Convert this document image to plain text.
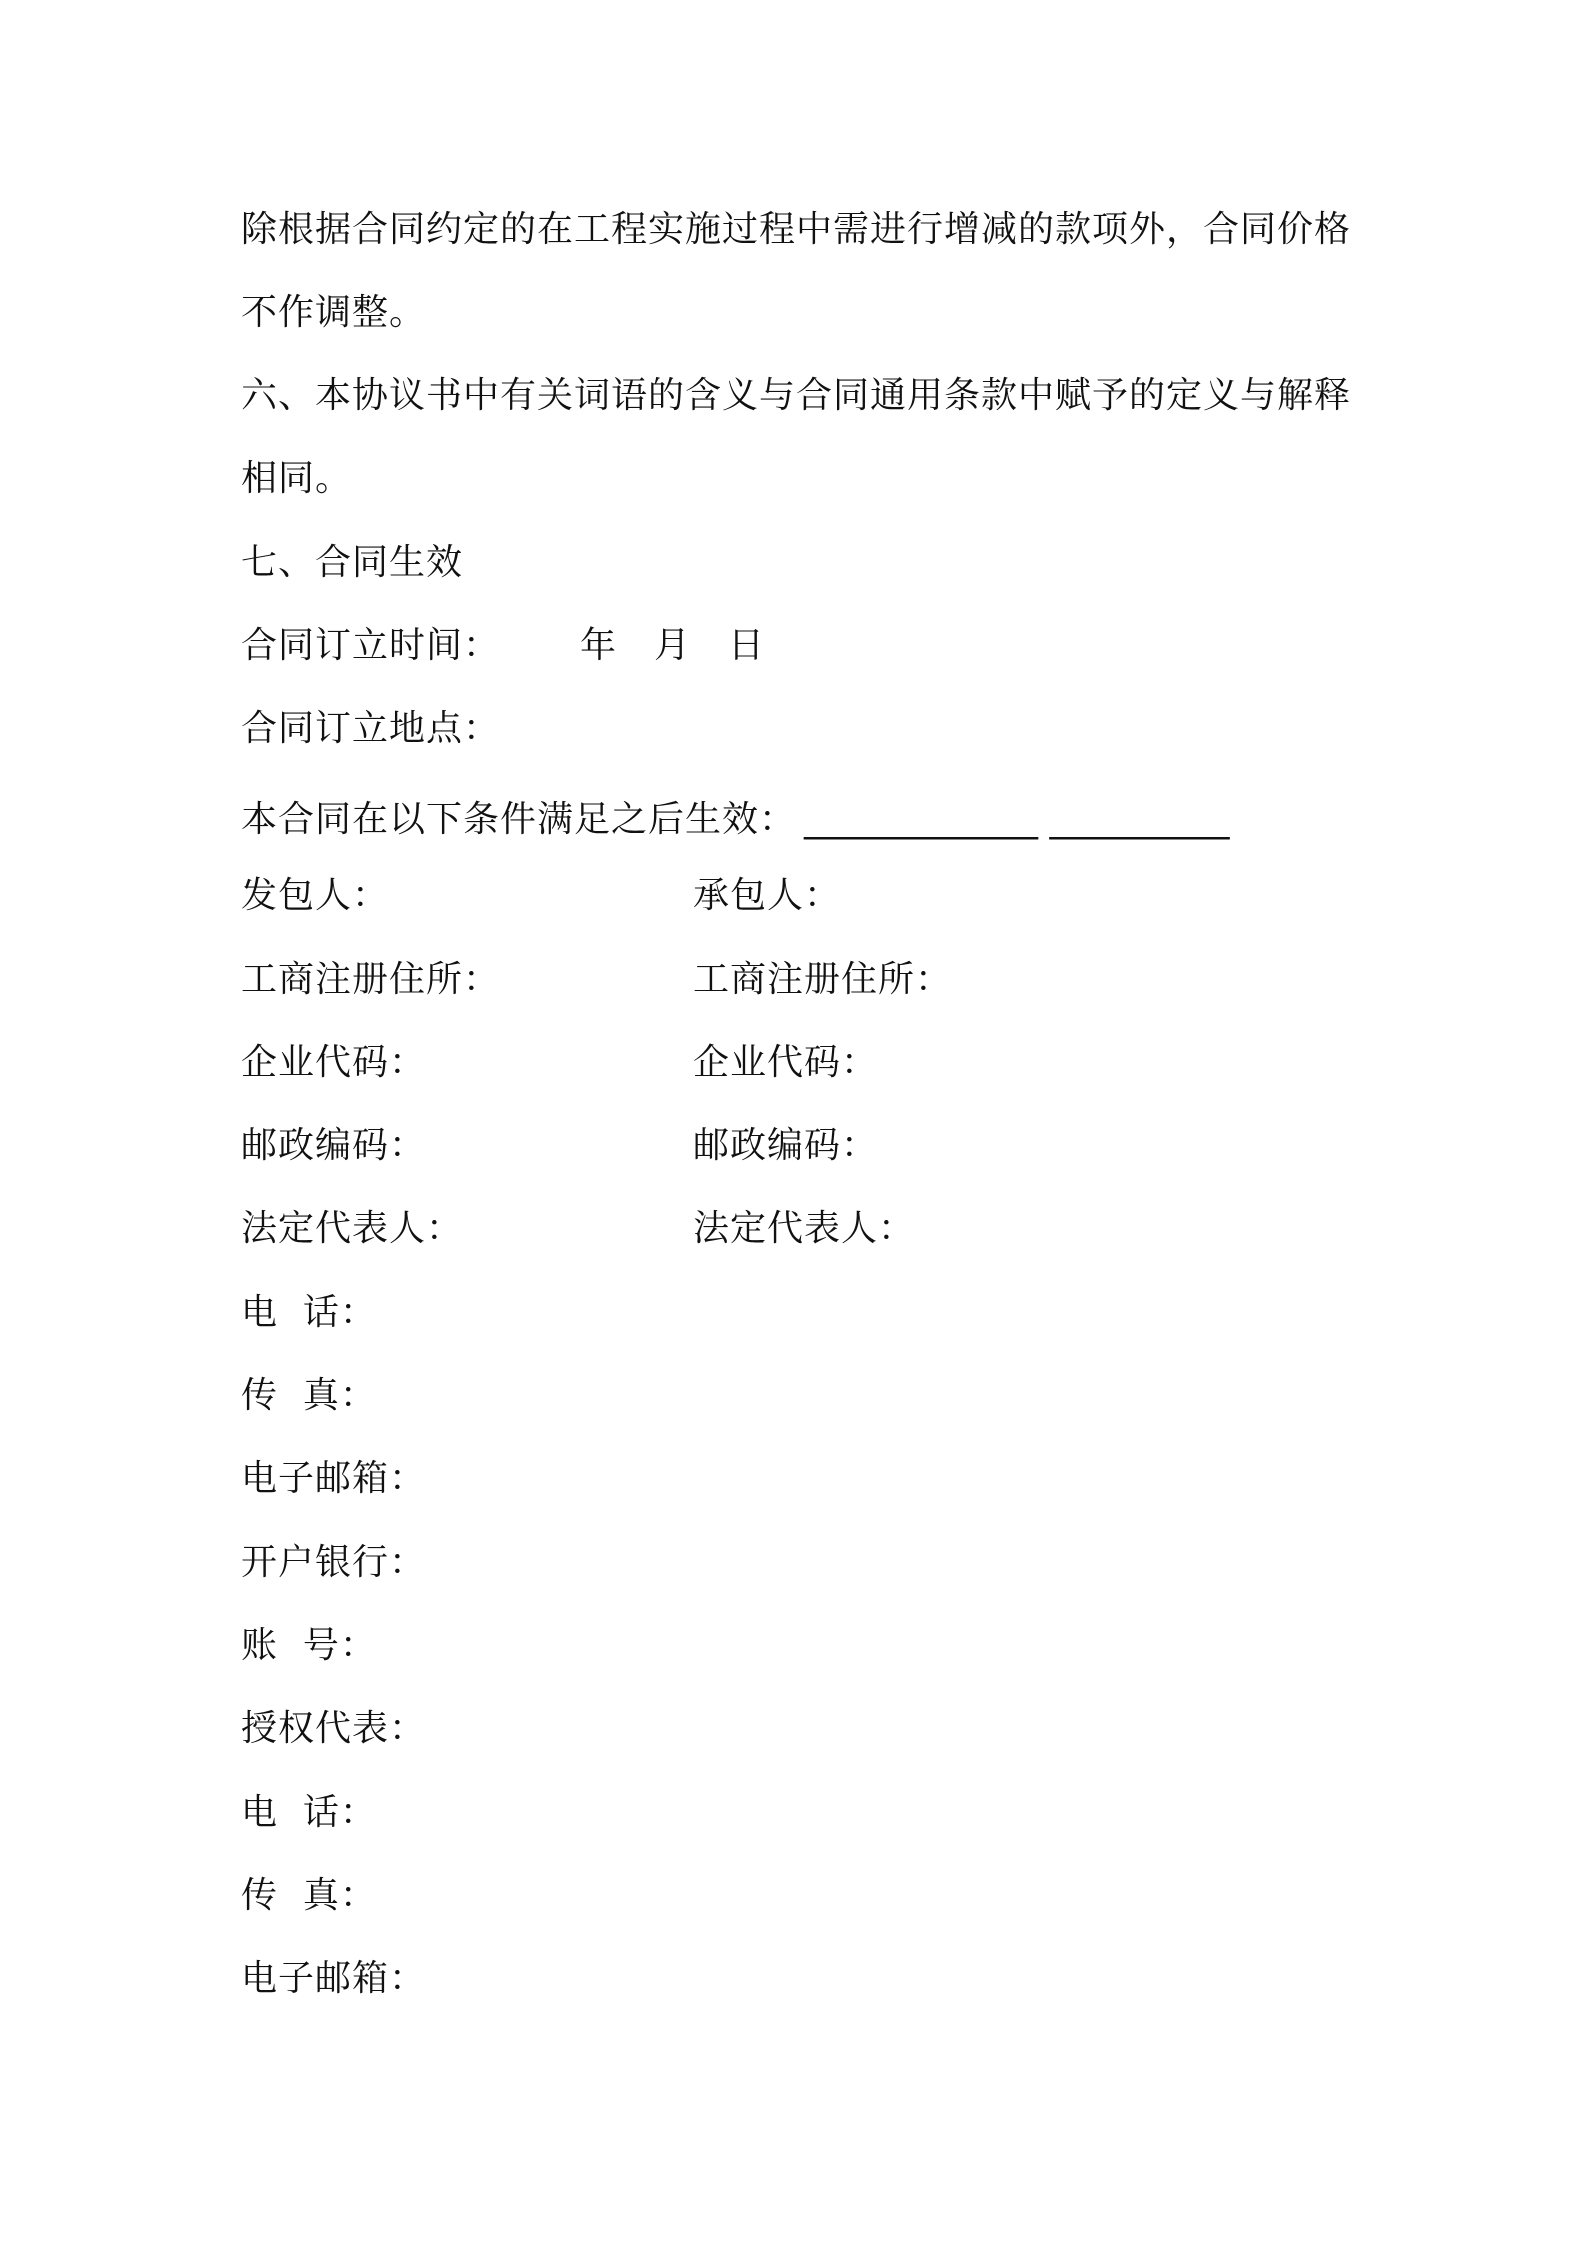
除根据合同约定的在工程实施过程中需进行增减的款项外，合同价格
不作调整。
六、本协议书中有关词语的含义与合同通用条款中赋予的定义与解释
相同。
七、合同生效
合同订立时间： 年 月 日
合同订立地点：
本合同在以下条件满足之后生效： _____________ __________
发包人：
工商注册住所：
企业代码：
邮政编码：
法定代表人：
电  话：
传  真：
电子邮箱：
开户银行：
账  号：
授权代表：
电  话：
传  真：
电子邮箱：
承包人：
工商注册住所：
企业代码：
邮政编码：
法定代表人：
